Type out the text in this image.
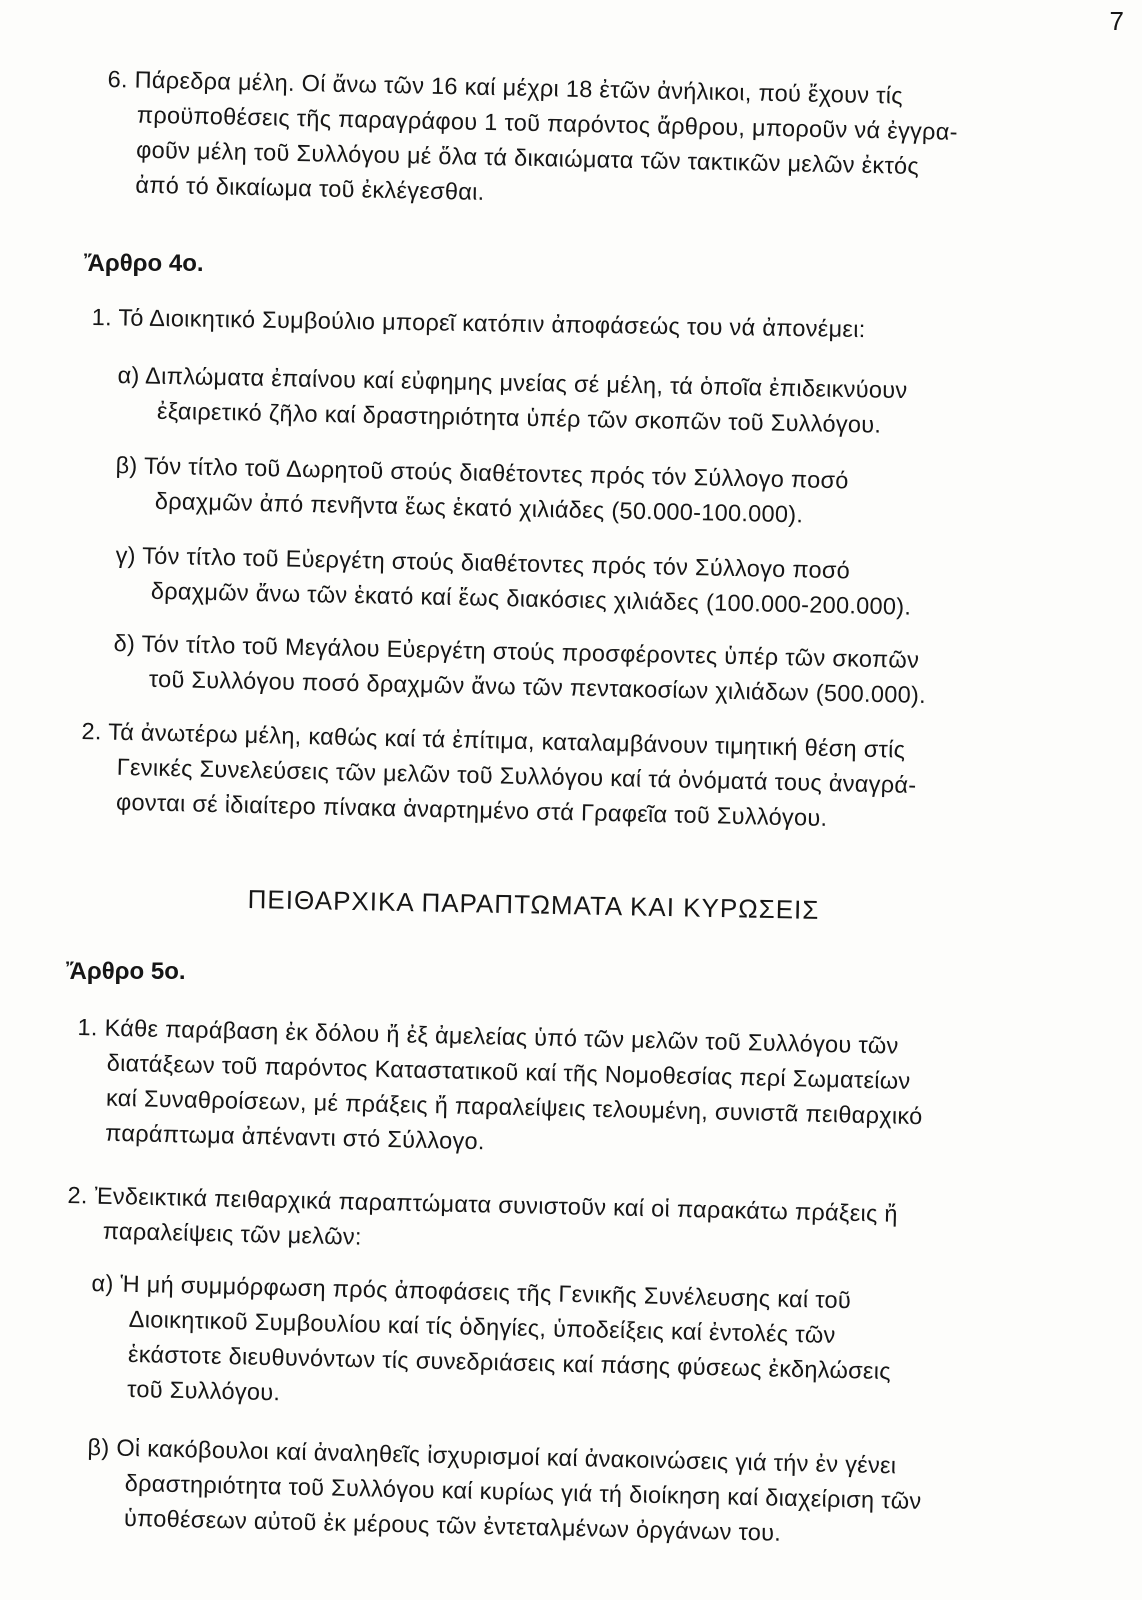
7
6. Πάρεδρα μέλη. Οί ἄνω τῶν 16 καί μέχρι 18 ἐτῶν ἀνήλικοι, πού ἔχουν τίς
προϋποθέσεις τῆς παραγράφου 1 τοῦ παρόντος ἄρθρου, μποροῦν νά ἐγγρα-
φοῦν μέλη τοῦ Συλλόγου μέ ὅλα τά δικαιώματα τῶν τακτικῶν μελῶν ἐκτός
ἀπό τό δικαίωμα τοῦ ἐκλέγεσθαι.
Ἄρθρο 4ο.
1. Τό Διοικητικό Συμβούλιο μπορεῖ κατόπιν ἀποφάσεώς του νά ἀπονέμει:
α) Διπλώματα ἐπαίνου καί εὐφημης μνείας σέ μέλη, τά ὁποῖα ἐπιδεικνύουν
ἐξαιρετικό ζῆλο καί δραστηριότητα ὑπέρ τῶν σκοπῶν τοῦ Συλλόγου.
β) Τόν τίτλο τοῦ Δωρητοῦ στούς διαθέτοντες πρός τόν Σύλλογο ποσό
δραχμῶν ἀπό πενῆντα ἕως ἑκατό χιλιάδες (50.000-100.000).
γ) Τόν τίτλο τοῦ Εὐεργέτη στούς διαθέτοντες πρός τόν Σύλλογο ποσό
δραχμῶν ἄνω τῶν ἑκατό καί ἕως διακόσιες χιλιάδες (100.000-200.000).
δ) Τόν τίτλο τοῦ Μεγάλου Εὐεργέτη στούς προσφέροντες ὑπέρ τῶν σκοπῶν
τοῦ Συλλόγου ποσό δραχμῶν ἄνω τῶν πεντακοσίων χιλιάδων (500.000).
2. Τά ἀνωτέρω μέλη, καθώς καί τά ἐπίτιμα, καταλαμβάνουν τιμητική θέση στίς
Γενικές Συνελεύσεις τῶν μελῶν τοῦ Συλλόγου καί τά ὀνόματά τους ἀναγρά-
φονται σέ ἰδιαίτερο πίνακα ἀναρτημένο στά Γραφεῖα τοῦ Συλλόγου.
ΠΕΙΘΑΡΧΙΚΑ ΠΑΡΑΠΤΩΜΑΤΑ ΚΑΙ ΚΥΡΩΣΕΙΣ
Ἄρθρο 5ο.
1. Κάθε παράβαση ἐκ δόλου ἤ ἐξ ἀμελείας ὑπό τῶν μελῶν τοῦ Συλλόγου τῶν
διατάξεων τοῦ παρόντος Καταστατικοῦ καί τῆς Νομοθεσίας περί Σωματείων
καί Συναθροίσεων, μέ πράξεις ἤ παραλείψεις τελουμένη, συνιστᾶ πειθαρχικό
παράπτωμα ἀπέναντι στό Σύλλογο.
2. Ἐνδεικτικά πειθαρχικά παραπτώματα συνιστοῦν καί οἱ παρακάτω πράξεις ἤ
παραλείψεις τῶν μελῶν:
α) Ἡ μή συμμόρφωση πρός ἀποφάσεις τῆς Γενικῆς Συνέλευσης καί τοῦ
Διοικητικοῦ Συμβουλίου καί τίς ὁδηγίες, ὑποδείξεις καί ἐντολές τῶν
ἑκάστοτε διευθυνόντων τίς συνεδριάσεις καί πάσης φύσεως ἐκδηλώσεις
τοῦ Συλλόγου.
β) Οἱ κακόβουλοι καί ἀναληθεῖς ἰσχυρισμοί καί ἀνακοινώσεις γιά τήν ἐν γένει
δραστηριότητα τοῦ Συλλόγου καί κυρίως γιά τή διοίκηση καί διαχείριση τῶν
ὑποθέσεων αὐτοῦ ἐκ μέρους τῶν ἐντεταλμένων ὀργάνων του.
